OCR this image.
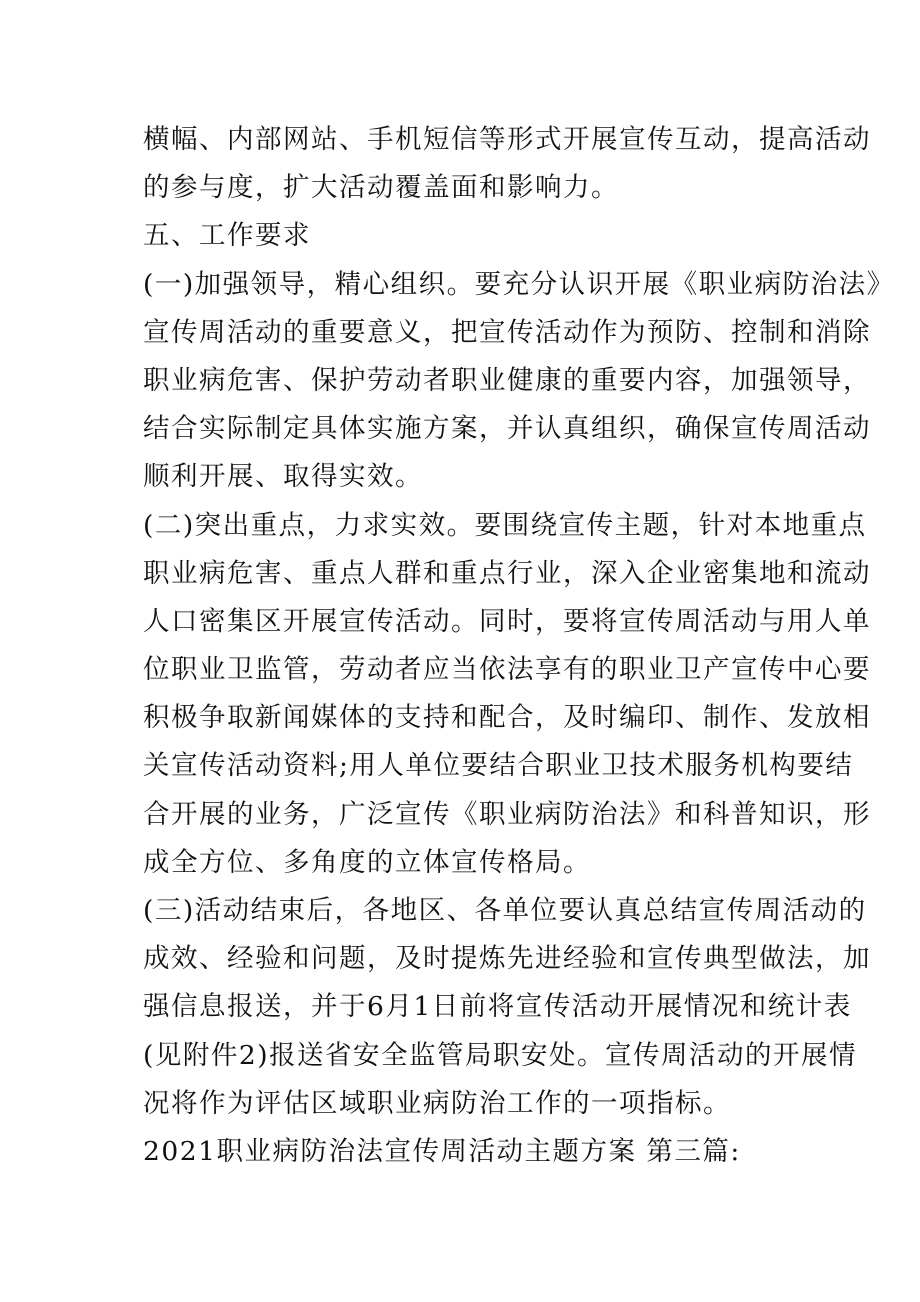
横幅、内部网站、手机短信等形式开展宣传互动，提高活动
的参与度，扩大活动覆盖面和影响力。
五、工作要求
(一)加强领导，精心组织。要充分认识开展《职业病防治法》
宣传周活动的重要意义，把宣传活动作为预防、控制和消除
职业病危害、保护劳动者职业健康的重要内容，加强领导，
结合实际制定具体实施方案，并认真组织，确保宣传周活动
顺利开展、取得实效。
(二)突出重点，力求实效。要围绕宣传主题，针对本地重点
职业病危害、重点人群和重点行业，深入企业密集地和流动
人口密集区开展宣传活动。同时，要将宣传周活动与用人单
位职业卫监管，劳动者应当依法享有的职业卫产宣传中心要
积极争取新闻媒体的支持和配合，及时编印、制作、发放相
关宣传活动资料;用人单位要结合职业卫技术服务机构要结
合开展的业务，广泛宣传《职业病防治法》和科普知识，形
成全方位、多角度的立体宣传格局。
(三)活动结束后，各地区、各单位要认真总结宣传周活动的
成效、经验和问题，及时提炼先进经验和宣传典型做法，加
强信息报送，并于6月1日前将宣传活动开展情况和统计表
(见附件2)报送省安全监管局职安处。宣传周活动的开展情
况将作为评估区域职业病防治工作的一项指标。
2021职业病防治法宣传周活动主题方案 第三篇:
